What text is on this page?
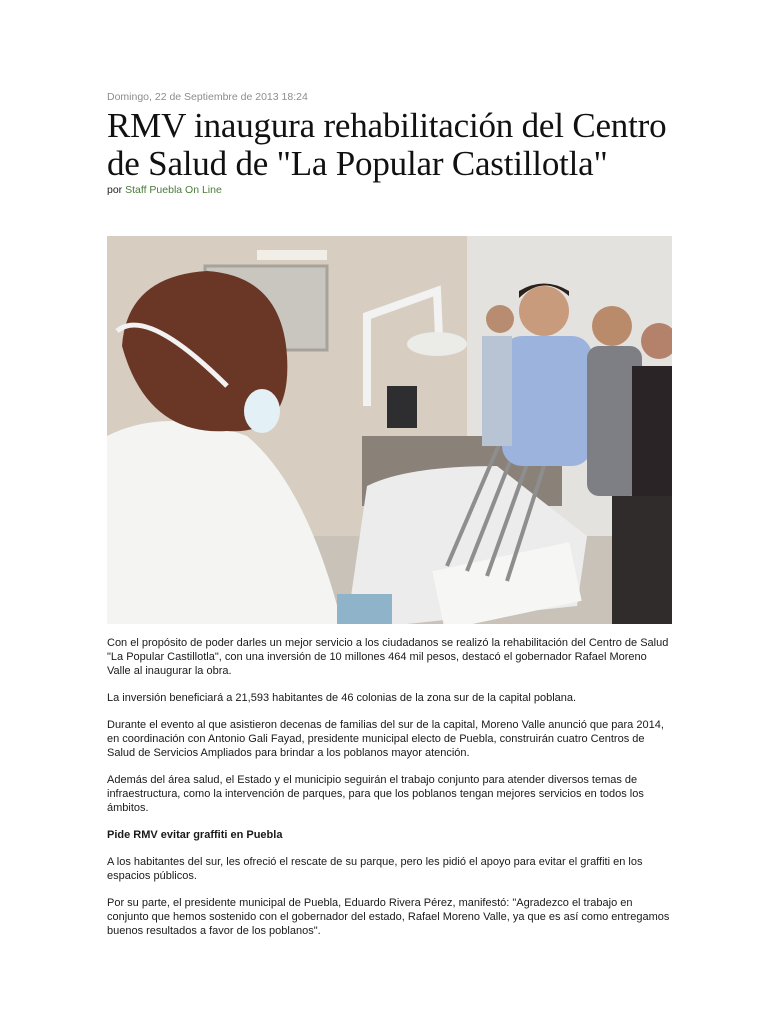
Domingo, 22 de Septiembre de 2013 18:24

RMV inaugura rehabilitación del Centro de Salud de "La Popular Castillotla"

por Staff Puebla On Line

Con el propósito de poder darles un mejor servicio a los ciudadanos se realizó la rehabilitación del Centro de Salud "La Popular Castillotla", con una inversión de 10 millones 464 mil pesos, destacó el gobernador Rafael Moreno Valle al inaugurar la obra.

La inversión beneficiará a 21,593 habitantes de 46 colonias de la zona sur de la capital poblana.

Durante el evento al que asistieron decenas de familias del sur de la capital, Moreno Valle anunció que para 2014, en coordinación con Antonio Gali Fayad, presidente municipal electo de Puebla, construirán cuatro Centros de Salud de Servicios Ampliados para brindar a los poblanos mayor atención.

Además del área salud, el Estado y el municipio seguirán el trabajo conjunto para atender diversos temas de infraestructura, como la intervención de parques, para que los poblanos tengan mejores servicios en todos los ámbitos.

Pide RMV evitar graffiti en Puebla

A los habitantes del sur, les ofreció el rescate de su parque, pero les pidió el apoyo para evitar el graffiti en los espacios públicos.

Por su parte, el presidente municipal de Puebla, Eduardo Rivera Pérez, manifestó: "Agradezco el trabajo en conjunto que hemos sostenido con el gobernador del estado, Rafael Moreno Valle, ya que es así como entregamos buenos resultados a favor de los poblanos".
